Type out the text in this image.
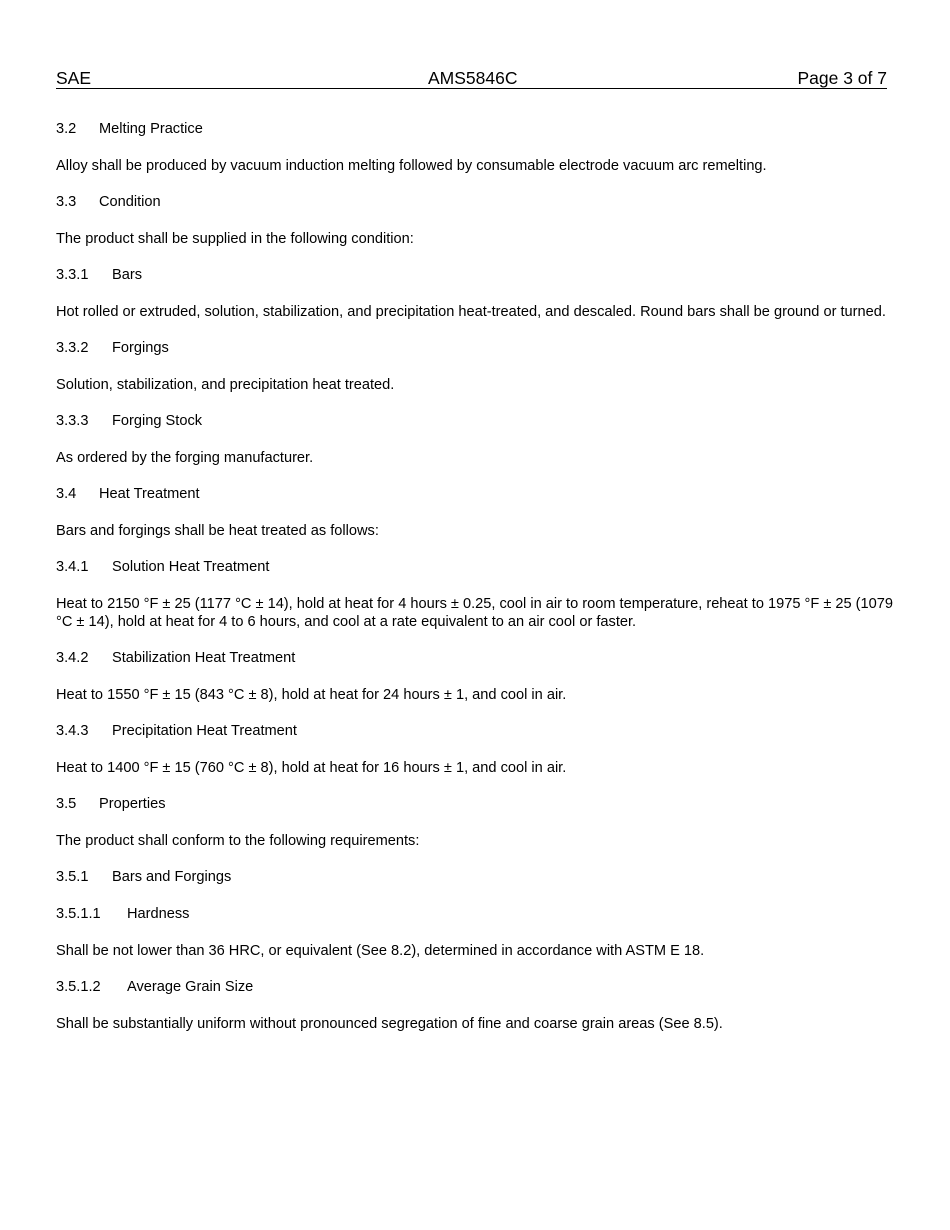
SAE	AMS5846C	Page 3 of 7

3.2 Melting Practice

Alloy shall be produced by vacuum induction melting followed by consumable electrode vacuum arc remelting.

3.3 Condition

The product shall be supplied in the following condition:

3.3.1 Bars

Hot rolled or extruded, solution, stabilization, and precipitation heat-treated, and descaled. Round bars shall be ground or turned.

3.3.2 Forgings

Solution, stabilization, and precipitation heat treated.

3.3.3 Forging Stock

As ordered by the forging manufacturer.

3.4 Heat Treatment

Bars and forgings shall be heat treated as follows:

3.4.1 Solution Heat Treatment

Heat to 2150 °F ± 25 (1177 °C ± 14), hold at heat for 4 hours ± 0.25, cool in air to room temperature, reheat to 1975 °F ± 25 (1079 °C ± 14), hold at heat for 4 to 6 hours, and cool at a rate equivalent to an air cool or faster.

3.4.2 Stabilization Heat Treatment

Heat to 1550 °F ± 15 (843 °C ± 8), hold at heat for 24 hours ± 1, and cool in air.

3.4.3 Precipitation Heat Treatment

Heat to 1400 °F ± 15 (760 °C ± 8), hold at heat for 16 hours ± 1, and cool in air.

3.5 Properties

The product shall conform to the following requirements:

3.5.1 Bars and Forgings

3.5.1.1 Hardness

Shall be not lower than 36 HRC, or equivalent (See 8.2), determined in accordance with ASTM E 18.

3.5.1.2 Average Grain Size

Shall be substantially uniform without pronounced segregation of fine and coarse grain areas (See 8.5).
